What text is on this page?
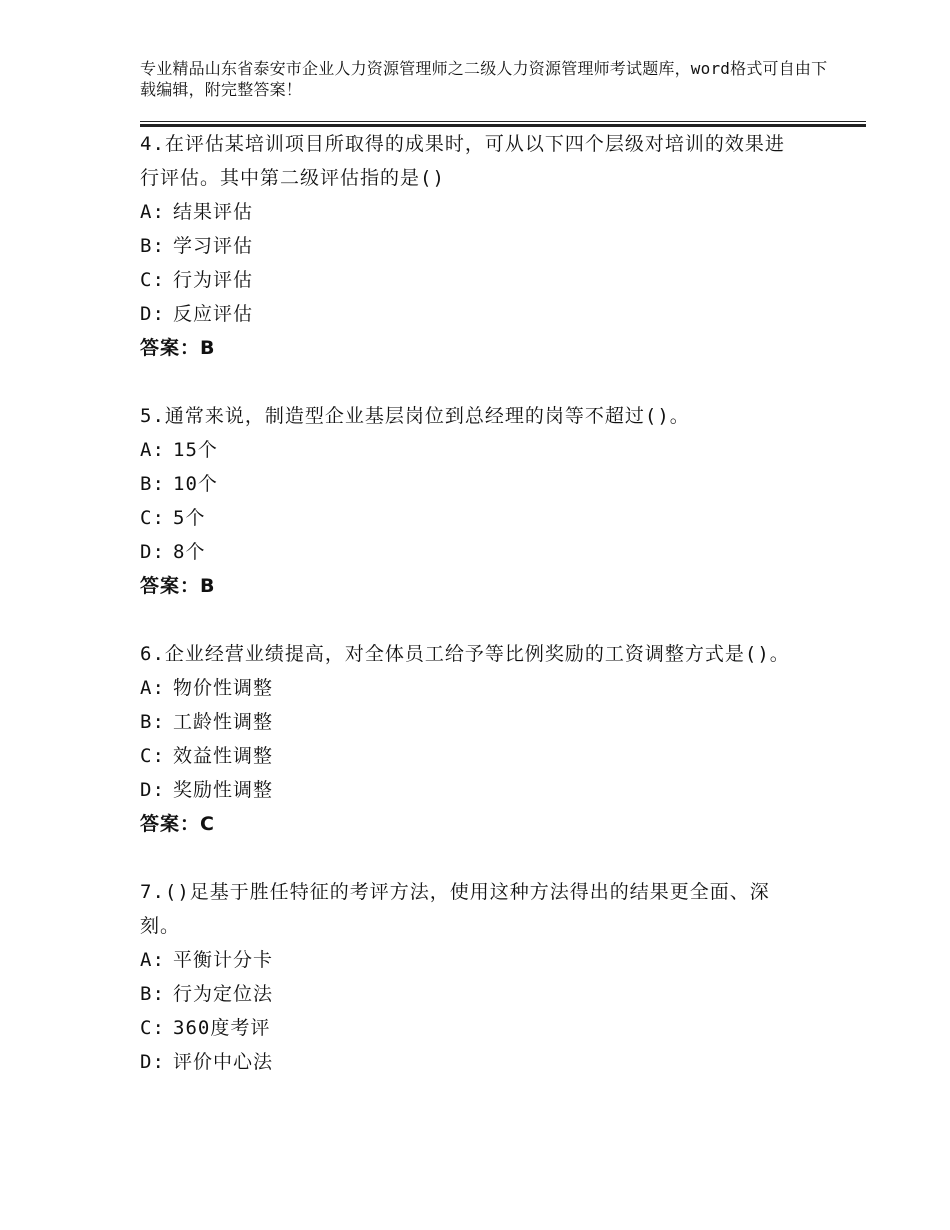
专业精品山东省泰安市企业人力资源管理师之二级人力资源管理师考试题库，word格式可自由下载编辑，附完整答案！
4.在评估某培训项目所取得的成果时，可从以下四个层级对培训的效果进行评估。其中第二级评估指的是()
A: 结果评估
B: 学习评估
C: 行为评估
D: 反应评估
答案：B
5.通常来说，制造型企业基层岗位到总经理的岗等不超过()。
A: 15个
B: 10个
C: 5个
D: 8个
答案：B
6.企业经营业绩提高，对全体员工给予等比例奖励的工资调整方式是()。
A: 物价性调整
B: 工龄性调整
C: 效益性调整
D: 奖励性调整
答案：C
7.()足基于胜任特征的考评方法，使用这种方法得出的结果更全面、深刻。
A: 平衡计分卡
B: 行为定位法
C: 360度考评
D: 评价中心法
